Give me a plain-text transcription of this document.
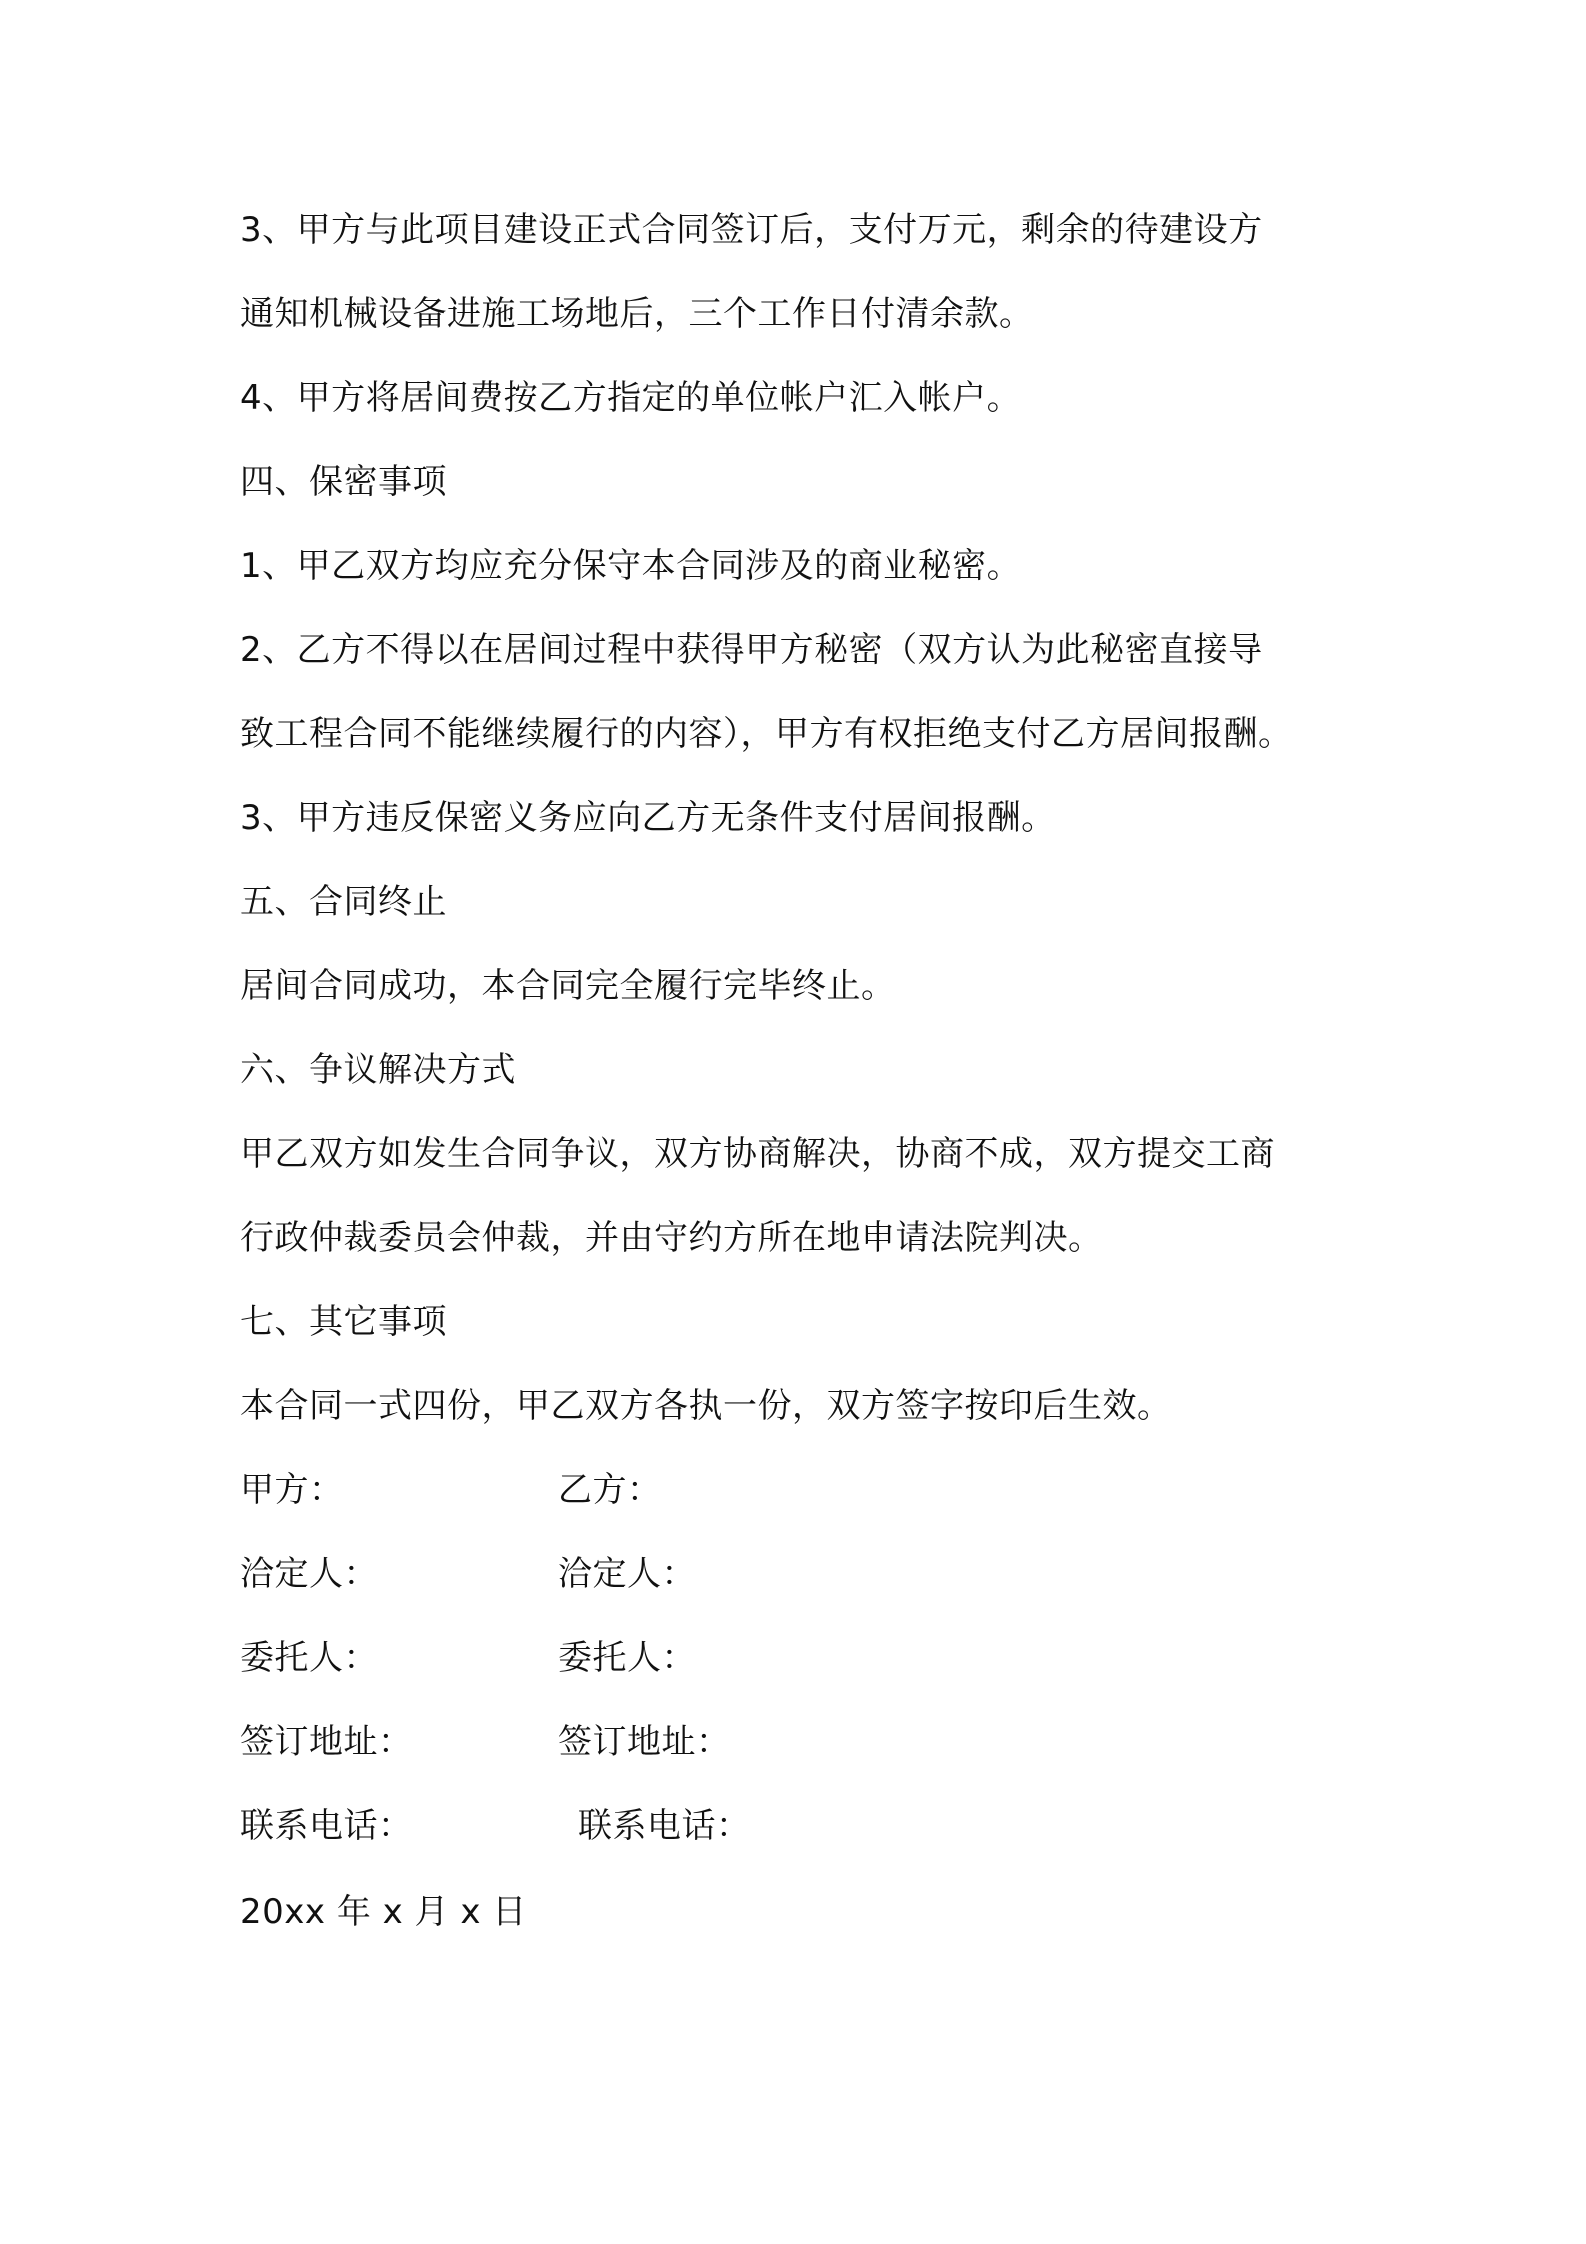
3、甲方与此项目建设正式合同签订后，支付万元，剩余的待建设方
通知机械设备进施工场地后，三个工作日付清余款。
4、甲方将居间费按乙方指定的单位帐户汇入帐户。
四、保密事项
1、甲乙双方均应充分保守本合同涉及的商业秘密。
2、乙方不得以在居间过程中获得甲方秘密（双方认为此秘密直接导
致工程合同不能继续履行的内容），甲方有权拒绝支付乙方居间报酬。
3、甲方违反保密义务应向乙方无条件支付居间报酬。
五、合同终止
居间合同成功，本合同完全履行完毕终止。
六、争议解决方式
甲乙双方如发生合同争议，双方协商解决，协商不成，双方提交工商
行政仲裁委员会仲裁，并由守约方所在地申请法院判决。
七、其它事项
本合同一式四份，甲乙双方各执一份，双方签字按印后生效。
甲方：	乙方：
洽定人：	洽定人：
委托人：	委托人：
签订地址：	签订地址：
联系电话：	联系电话：
20xx 年 x 月 x 日
